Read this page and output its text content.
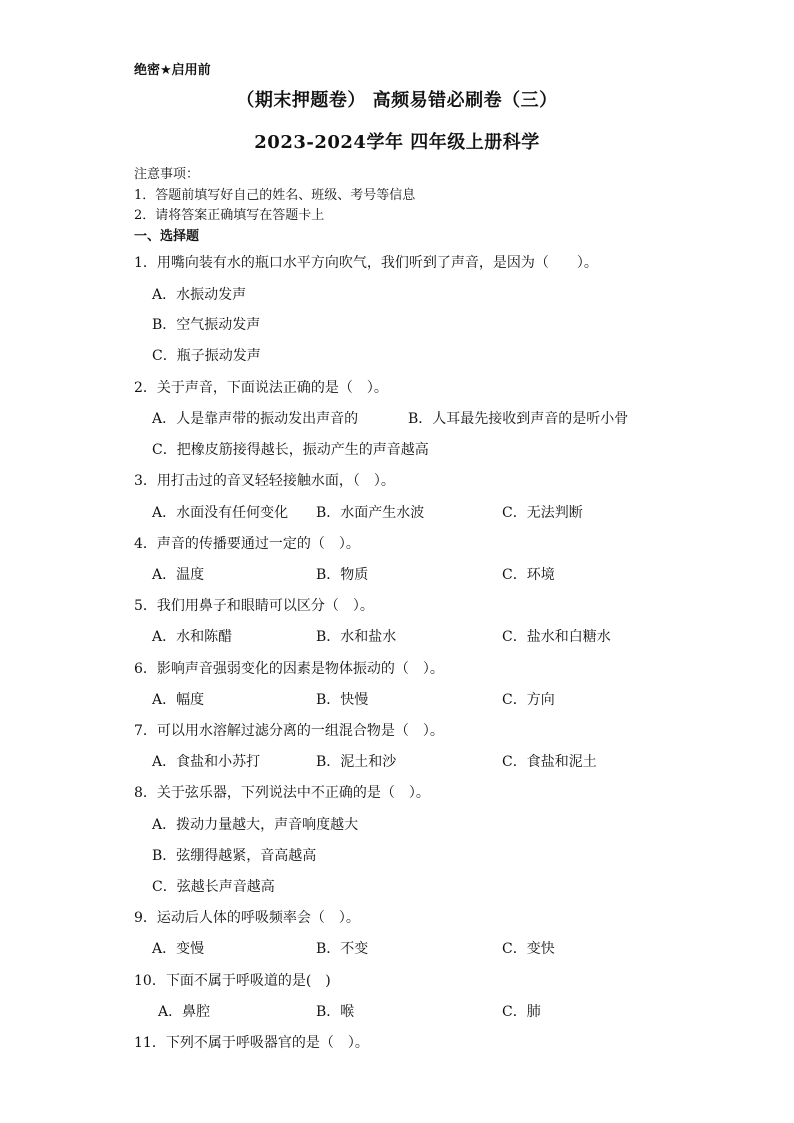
绝密★启用前
（期末押题卷） 高频易错必刷卷（三）
2023-2024学年 四年级上册科学
注意事项：
1．答题前填写好自己的姓名、班级、考号等信息
2．请将答案正确填写在答题卡上
一、选择题
1．用嘴向装有水的瓶口水平方向吹气，我们听到了声音，是因为（　　）。
A．水振动发声
B．空气振动发声
C．瓶子振动发声
2．关于声音，下面说法正确的是（　）。
A．人是靠声带的振动发出声音的	B．人耳最先接收到声音的是听小骨
C．把橡皮筋接得越长，振动产生的声音越高
3．用打击过的音叉轻轻接触水面，（　）。
A．水面没有任何变化 B．水面产生水波	C．无法判断
4．声音的传播要通过一定的（　）。
A．温度	B．物质	C．环境
5．我们用鼻子和眼睛可以区分（　）。
A．水和陈醋	B．水和盐水	C．盐水和白糖水
6．影响声音强弱变化的因素是物体振动的（　）。
A．幅度	B．快慢	C．方向
7．可以用水溶解过滤分离的一组混合物是（　）。
A．食盐和小苏打	B．泥土和沙	C．食盐和泥土
8．关于弦乐器，下列说法中不正确的是（　）。
A．拨动力量越大，声音响度越大
B．弦绷得越紧，音高越高
C．弦越长声音越高
9．运动后人体的呼吸频率会（　）。
A．变慢	B．不变	C．变快
10．下面不属于呼吸道的是(　)
A．鼻腔	B．喉	C．肺
11．下列不属于呼吸器官的是（　）。
